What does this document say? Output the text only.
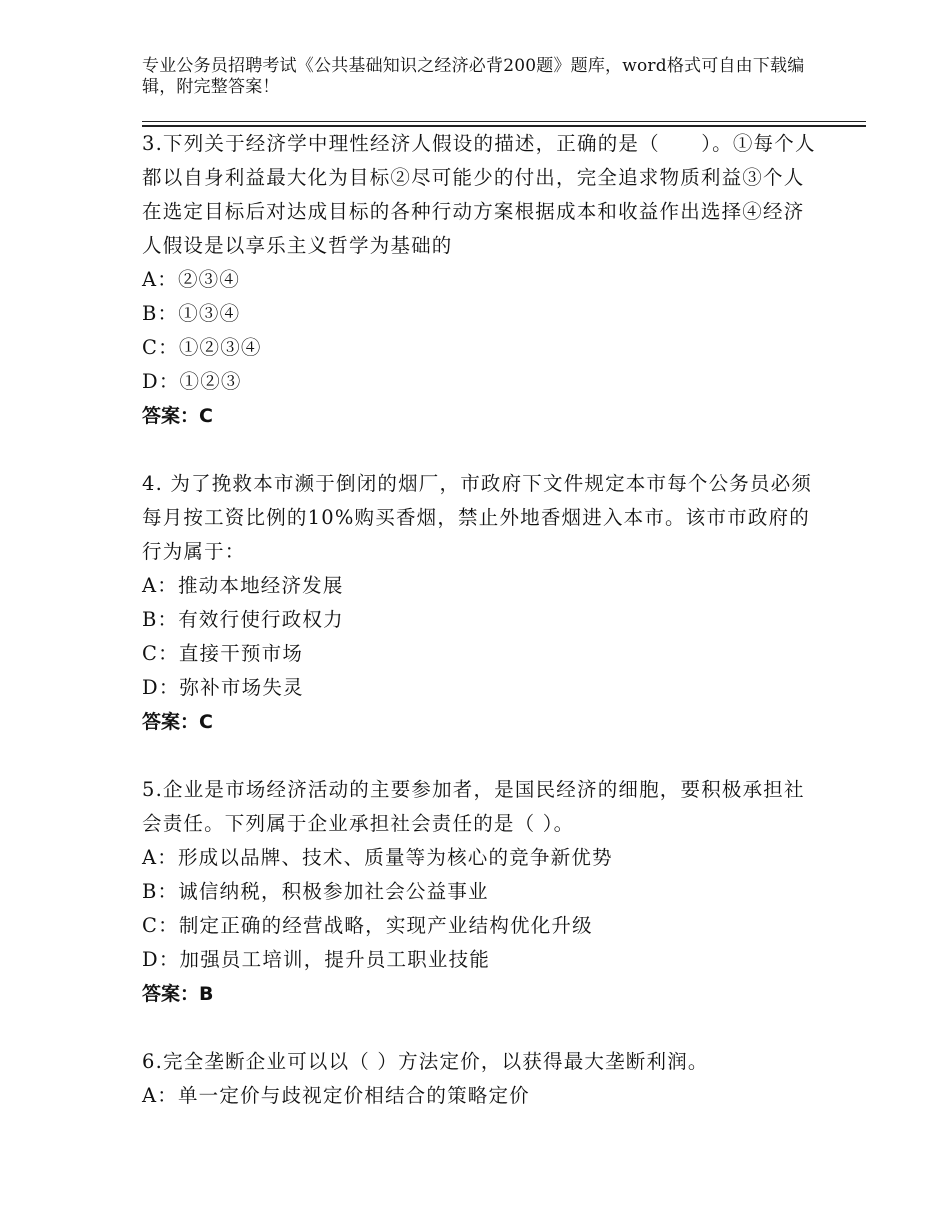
专业公务员招聘考试《公共基础知识之经济必背200题》题库，word格式可自由下载编辑，附完整答案！

3.下列关于经济学中理性经济人假设的描述，正确的是（　　）。①每个人都以自身利益最大化为目标②尽可能少的付出，完全追求物质利益③个人在选定目标后对达成目标的各种行动方案根据成本和收益作出选择④经济人假设是以享乐主义哲学为基础的

A：②③④

B：①③④

C：①②③④

D：①②③

答案：C

4. 为了挽救本市濒于倒闭的烟厂，市政府下文件规定本市每个公务员必须每月按工资比例的10%购买香烟，禁止外地香烟进入本市。该市市政府的行为属于：

A：推动本地经济发展

B：有效行使行政权力

C：直接干预市场

D：弥补市场失灵

答案：C

5.企业是市场经济活动的主要参加者，是国民经济的细胞，要积极承担社会责任。下列属于企业承担社会责任的是（ ）。

A：形成以品牌、技术、质量等为核心的竞争新优势

B：诚信纳税，积极参加社会公益事业

C：制定正确的经营战略，实现产业结构优化升级

D：加强员工培训，提升员工职业技能

答案：B

6.完全垄断企业可以以（ ）方法定价，以获得最大垄断利润。

A：单一定价与歧视定价相结合的策略定价
